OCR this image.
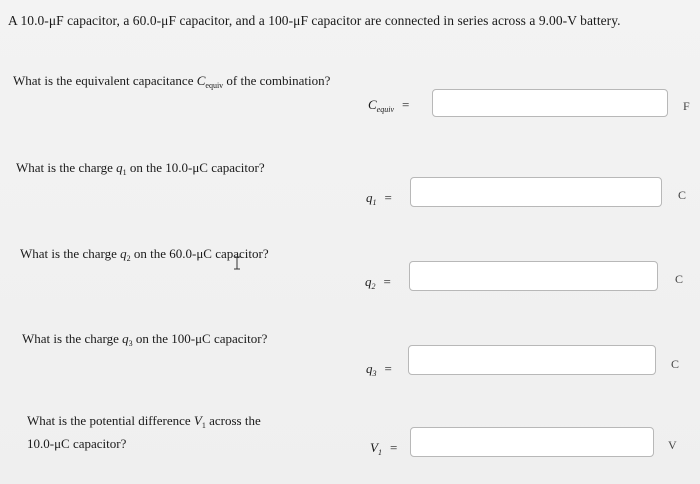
A 10.0-μF capacitor, a 60.0-μF capacitor, and a 100-μF capacitor are connected in series across a 9.00-V battery.
What is the equivalent capacitance $C_{equiv}$ of the combination?
$C_{equiv}$ =	F
What is the charge $q_1$ on the 10.0-μC capacitor?
$q_1$ =	C
What is the charge $q_2$ on the 60.0-μC capacitor?
$q_2$ =	C
What is the charge $q_3$ on the 100-μC capacitor?
$q_3$ =	C
What is the potential difference $V_1$ across the
10.0-μC capacitor?	$V_1$ =	V
